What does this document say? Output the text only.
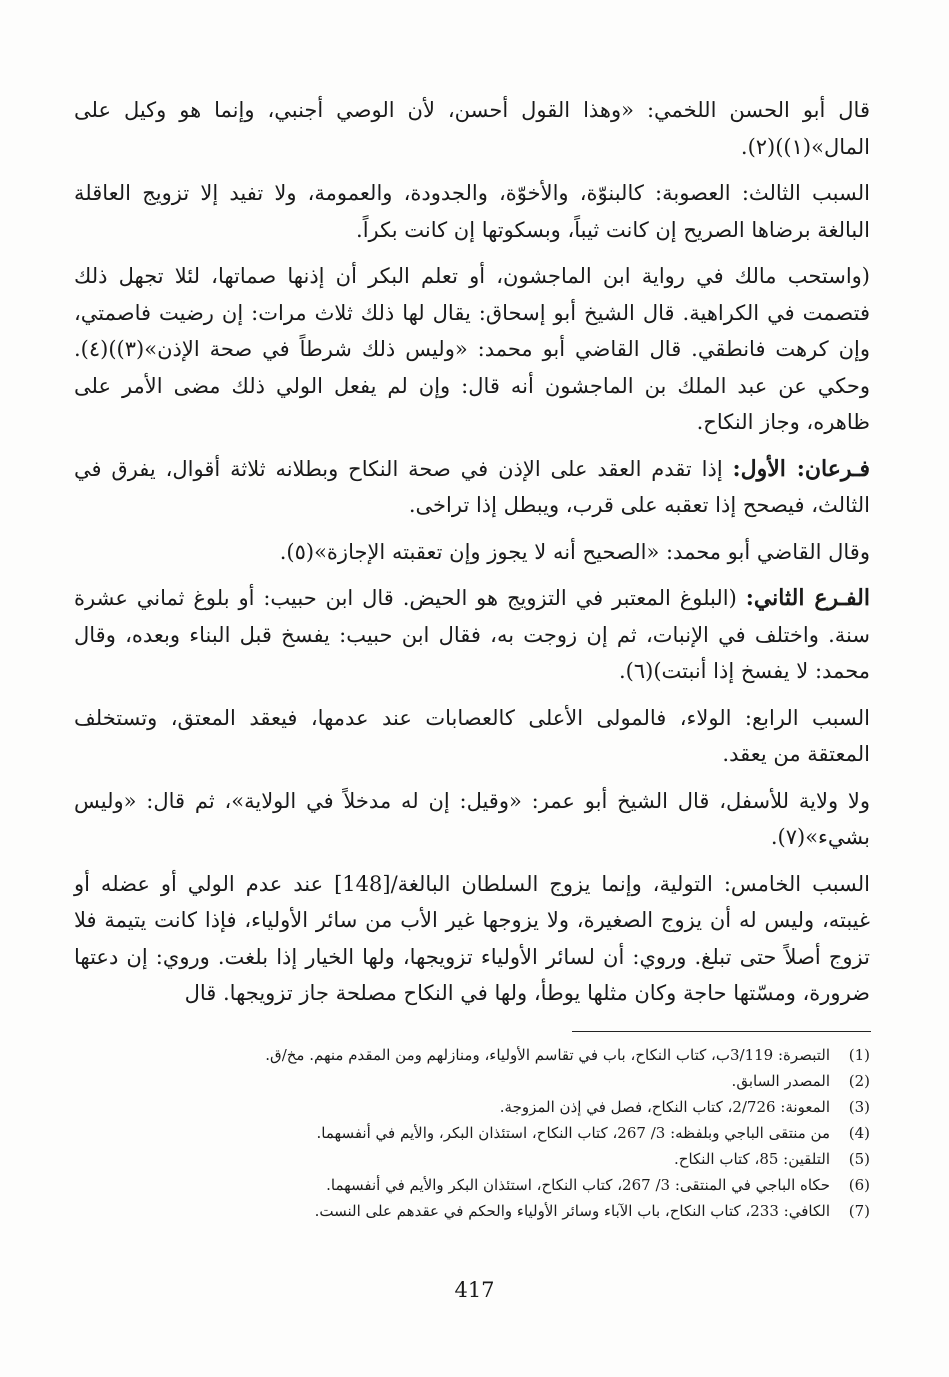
قال أبو الحسن اللخمي: «وهذا القول أحسن، لأن الوصي أجنبي، وإنما هو وكيل على المال»(١))(٢).

السبب الثالث: العصوبة: كالبنوّة، والأخوّة، والجدودة، والعمومة، ولا تفيد إلا تزويج العاقلة البالغة برضاها الصريح إن كانت ثيباً، وبسكوتها إن كانت بكراً.

(واستحب مالك في رواية ابن الماجشون، أو تعلم البكر أن إذنها صماتها، لئلا تجهل ذلك فتصمت في الكراهية. قال الشيخ أبو إسحاق: يقال لها ذلك ثلاث مرات: إن رضيت فاصمتي، وإن كرهت فانطقي. قال القاضي أبو محمد: «وليس ذلك شرطاً في صحة الإذن»(٣))(٤). وحكي عن عبد الملك بن الماجشون أنه قال: وإن لم يفعل الولي ذلك مضى الأمر على ظاهره، وجاز النكاح.

فـرعان: الأول: إذا تقدم العقد على الإذن في صحة النكاح وبطلانه ثلاثة أقوال، يفرق في الثالث، فيصحح إذا تعقبه على قرب، ويبطل إذا تراخى.

وقال القاضي أبو محمد: «الصحيح أنه لا يجوز وإن تعقبته الإجازة»(٥).

الفـرع الثاني: (البلوغ المعتبر في التزويج هو الحيض. قال ابن حبيب: أو بلوغ ثماني عشرة سنة. واختلف في الإنبات، ثم إن زوجت به، فقال ابن حبيب: يفسخ قبل البناء وبعده، وقال محمد: لا يفسخ إذا أنبتت)(٦).

السبب الرابع: الولاء، فالمولى الأعلى كالعصابات عند عدمها، فيعقد المعتق، وتستخلف المعتقة من يعقد.

ولا ولاية للأسفل، قال الشيخ أبو عمر: «وقيل: إن له مدخلاً في الولاية»، ثم قال: «وليس بشيء»(٧).

السبب الخامس: التولية، وإنما يزوج السلطان البالغة/[148] عند عدم الولي أو عضله أو غيبته، وليس له أن يزوج الصغيرة، ولا يزوجها غير الأب من سائر الأولياء، فإذا كانت يتيمة فلا تزوج أصلاً حتى تبلغ. وروي: أن لسائر الأولياء تزويجها، ولها الخيار إذا بلغت. وروي: إن دعتها ضرورة، ومسّتها حاجة وكان مثلها يوطأ، ولها في النكاح مصلحة جاز تزويجها. قال

(1)
التبصرة: 3/119ب، كتاب النكاح، باب في تقاسم الأولياء، ومنازلهم ومن المقدم منهم. مخ/ق.
(2)
المصدر السابق.
(3)
المعونة: 2/726، كتاب النكاح، فصل في إذن المزوجة.
(4)
من منتقى الباجي وبلفظه: 3/ 267، كتاب النكاح، استئذان البكر، والأيم في أنفسهما.
(5)
التلقين: 85، كتاب النكاح.
(6)
حكاه الباجي في المنتقى: 3/ 267، كتاب النكاح، استئذان البكر والأيم في أنفسهما.
(7)
الكافي: 233، كتاب النكاح، باب الآباء وسائر الأولياء والحكم في عقدهم على النست.
417
